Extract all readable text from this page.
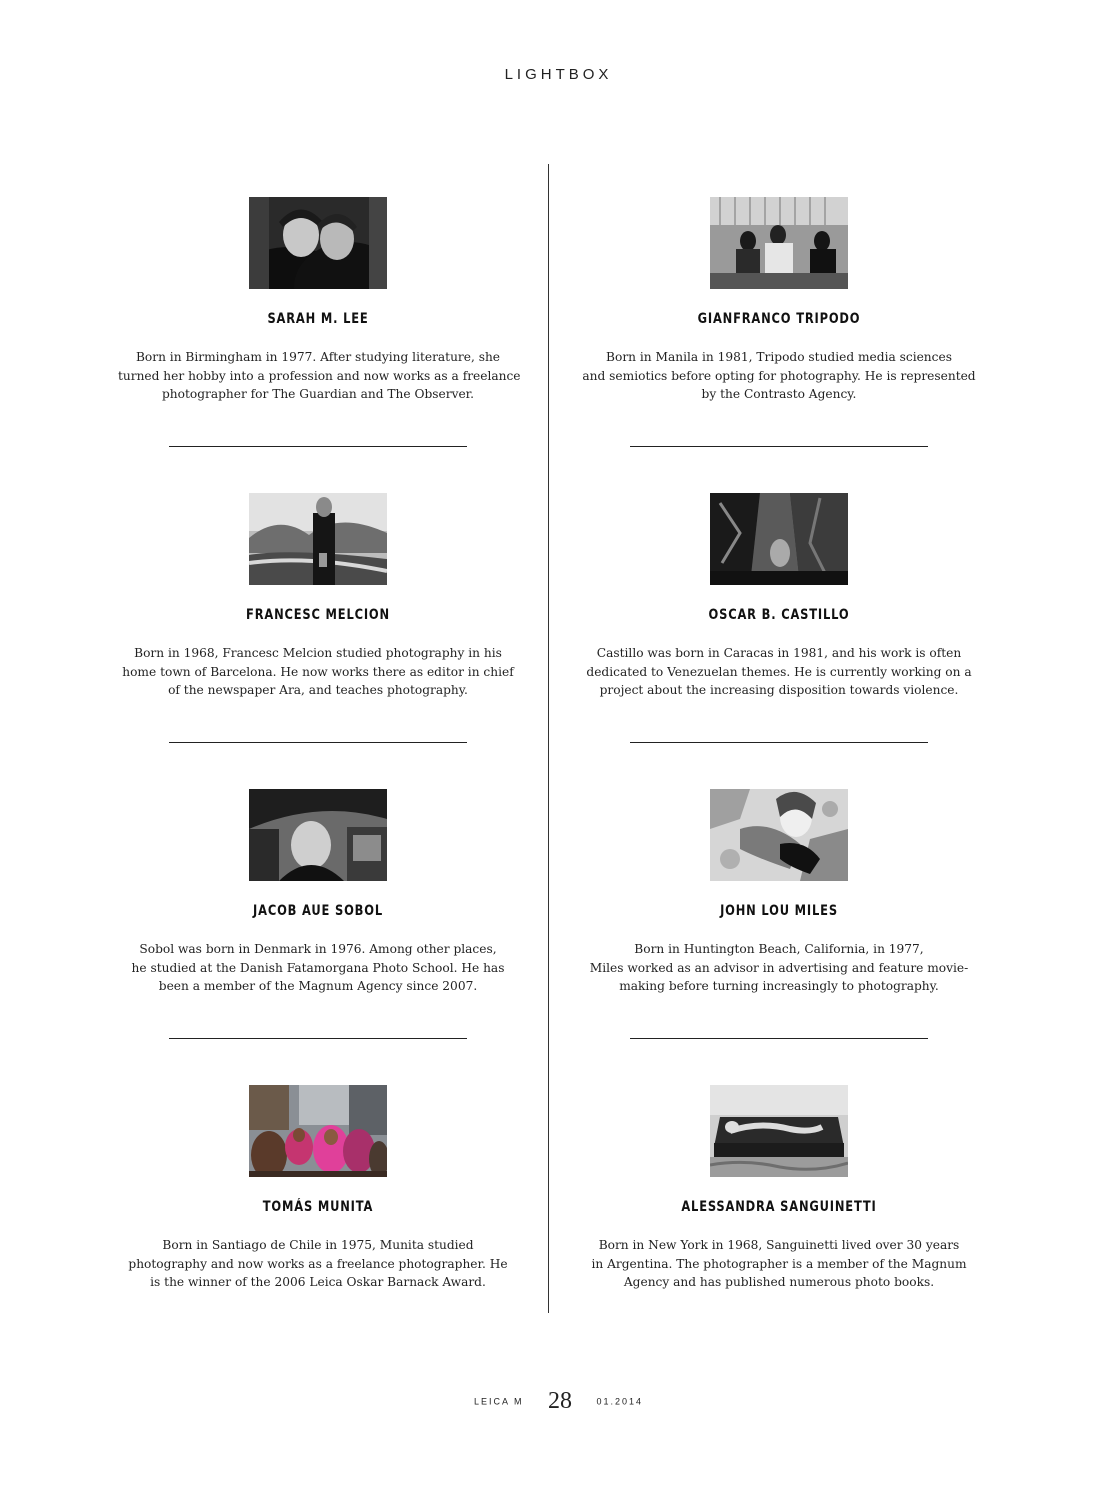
LIGHTBOX
SARAH M. LEE
Born in Birmingham in 1977. After studying literature, she
turned her hobby into a profession and now works as a freelance
photographer for The Guardian and The Observer.
FRANCESC MELCION
Born in 1968, Francesc Melcion studied photography in his
home town of Barcelona. He now works there as editor in chief
of the newspaper Ara, and teaches photography.
JACOB AUE SOBOL
Sobol was born in Denmark in 1976. Among other places,
he studied at the Danish Fatamorgana Photo School. He has
been a member of the Magnum Agency since 2007.
TOMÁS MUNITA
Born in Santiago de Chile in 1975, Munita studied
photography and now works as a freelance photographer. He
is the winner of the 2006 Leica Oskar Barnack Award.
GIANFRANCO TRIPODO
Born in Manila in 1981, Tripodo studied media sciences
and semiotics before opting for photography. He is represented
by the Contrasto Agency.
OSCAR B. CASTILLO
Castillo was born in Caracas in 1981, and his work is often
dedicated to Venezuelan themes. He is currently working on a
project about the increasing disposition towards violence.
JOHN LOU MILES
Born in Huntington Beach, California, in 1977,
Miles worked as an advisor in advertising and feature movie-
making before turning increasingly to photography.
ALESSANDRA SANGUINETTI
Born in New York in 1968, Sanguinetti lived over 30 years
in Argentina. The photographer is a member of the Magnum
Agency and has published numerous photo books.
LEICA M 28	01.2014
